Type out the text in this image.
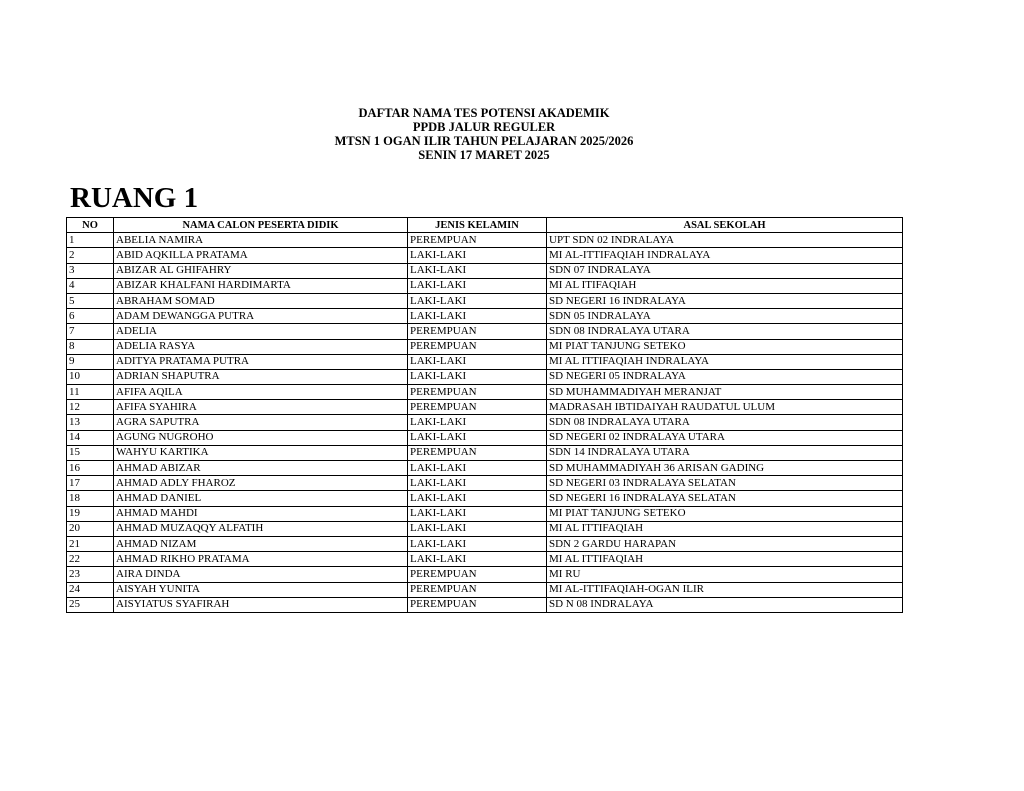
DAFTAR NAMA TES POTENSI AKADEMIK
PPDB JALUR REGULER
MTSN 1 OGAN ILIR TAHUN PELAJARAN 2025/2026
SENIN 17 MARET 2025
RUANG 1
NO	NAMA CALON PESERTA DIDIK	JENIS KELAMIN	ASAL SEKOLAH
1	ABELIA NAMIRA	PEREMPUAN	UPT SDN 02 INDRALAYA
2	ABID AQKILLA PRATAMA	LAKI-LAKI	MI AL-ITTIFAQIAH INDRALAYA
3	ABIZAR AL GHIFAHRY	LAKI-LAKI	SDN 07 INDRALAYA
4	ABIZAR KHALFANI HARDIMARTA	LAKI-LAKI	MI AL ITIFAQIAH
5	ABRAHAM SOMAD	LAKI-LAKI	SD NEGERI 16 INDRALAYA
6	ADAM DEWANGGA PUTRA	LAKI-LAKI	SDN 05 INDRALAYA
7	ADELIA	PEREMPUAN	SDN 08 INDRALAYA UTARA
8	ADELIA RASYA	PEREMPUAN	MI PIAT TANJUNG SETEKO
9	ADITYA PRATAMA PUTRA	LAKI-LAKI	MI AL ITTIFAQIAH INDRALAYA
10	ADRIAN SHAPUTRA	LAKI-LAKI	SD NEGERI 05 INDRALAYA
11	AFIFA AQILA	PEREMPUAN	SD MUHAMMADIYAH MERANJAT
12	AFIFA SYAHIRA	PEREMPUAN	MADRASAH IBTIDAIYAH RAUDATUL ULUM
13	AGRA SAPUTRA	LAKI-LAKI	SDN 08 INDRALAYA UTARA
14	AGUNG NUGROHO	LAKI-LAKI	SD NEGERI 02 INDRALAYA UTARA
15	WAHYU KARTIKA	PEREMPUAN	SDN 14 INDRALAYA UTARA
16	AHMAD ABIZAR	LAKI-LAKI	SD MUHAMMADIYAH 36 ARISAN GADING
17	AHMAD ADLY FHAROZ	LAKI-LAKI	SD NEGERI 03 INDRALAYA SELATAN
18	AHMAD DANIEL	LAKI-LAKI	SD NEGERI 16 INDRALAYA SELATAN
19	AHMAD MAHDI	LAKI-LAKI	MI PIAT TANJUNG SETEKO
20	AHMAD MUZAQQY ALFATIH	LAKI-LAKI	MI AL ITTIFAQIAH
21	AHMAD NIZAM	LAKI-LAKI	SDN 2 GARDU HARAPAN
22	AHMAD RIKHO PRATAMA	LAKI-LAKI	MI AL ITTIFAQIAH
23	AIRA DINDA	PEREMPUAN	MI RU
24	AISYAH YUNITA	PEREMPUAN	MI AL-ITTIFAQIAH-OGAN ILIR
25	AISYIATUS SYAFIRAH	PEREMPUAN	SD N 08 INDRALAYA
